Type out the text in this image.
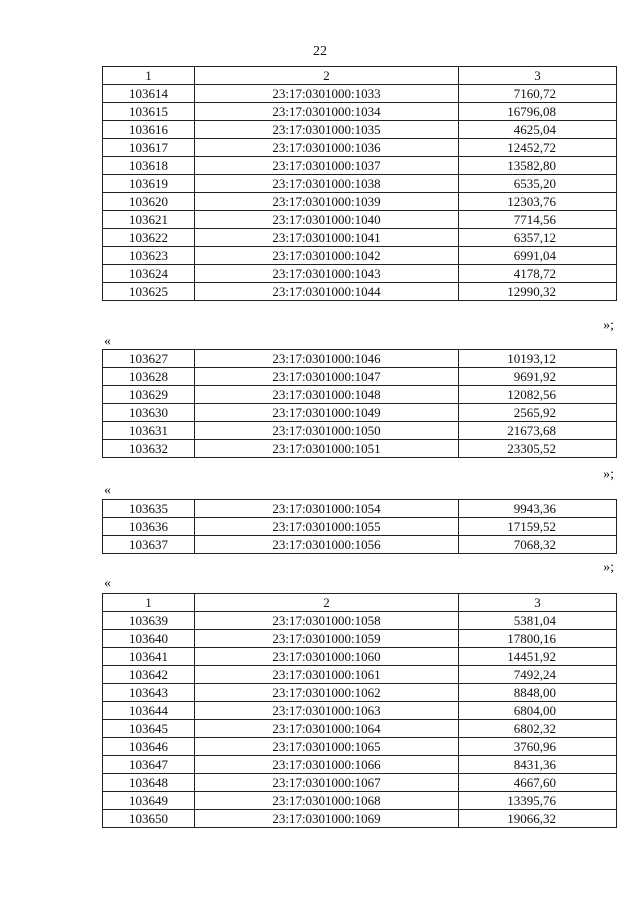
22
1	2	3
103614	23:17:0301000:1033	7160,72
103615	23:17:0301000:1034	16796,08
103616	23:17:0301000:1035	4625,04
103617	23:17:0301000:1036	12452,72
103618	23:17:0301000:1037	13582,80
103619	23:17:0301000:1038	6535,20
103620	23:17:0301000:1039	12303,76
103621	23:17:0301000:1040	7714,56
103622	23:17:0301000:1041	6357,12
103623	23:17:0301000:1042	6991,04
103624	23:17:0301000:1043	4178,72
103625	23:17:0301000:1044	12990,32
»;
«
103627	23:17:0301000:1046	10193,12
103628	23:17:0301000:1047	9691,92
103629	23:17:0301000:1048	12082,56
103630	23:17:0301000:1049	2565,92
103631	23:17:0301000:1050	21673,68
103632	23:17:0301000:1051	23305,52
»;
«
103635	23:17:0301000:1054	9943,36
103636	23:17:0301000:1055	17159,52
103637	23:17:0301000:1056	7068,32
»;
«
1	2	3
103639	23:17:0301000:1058	5381,04
103640	23:17:0301000:1059	17800,16
103641	23:17:0301000:1060	14451,92
103642	23:17:0301000:1061	7492,24
103643	23:17:0301000:1062	8848,00
103644	23:17:0301000:1063	6804,00
103645	23:17:0301000:1064	6802,32
103646	23:17:0301000:1065	3760,96
103647	23:17:0301000:1066	8431,36
103648	23:17:0301000:1067	4667,60
103649	23:17:0301000:1068	13395,76
103650	23:17:0301000:1069	19066,32
